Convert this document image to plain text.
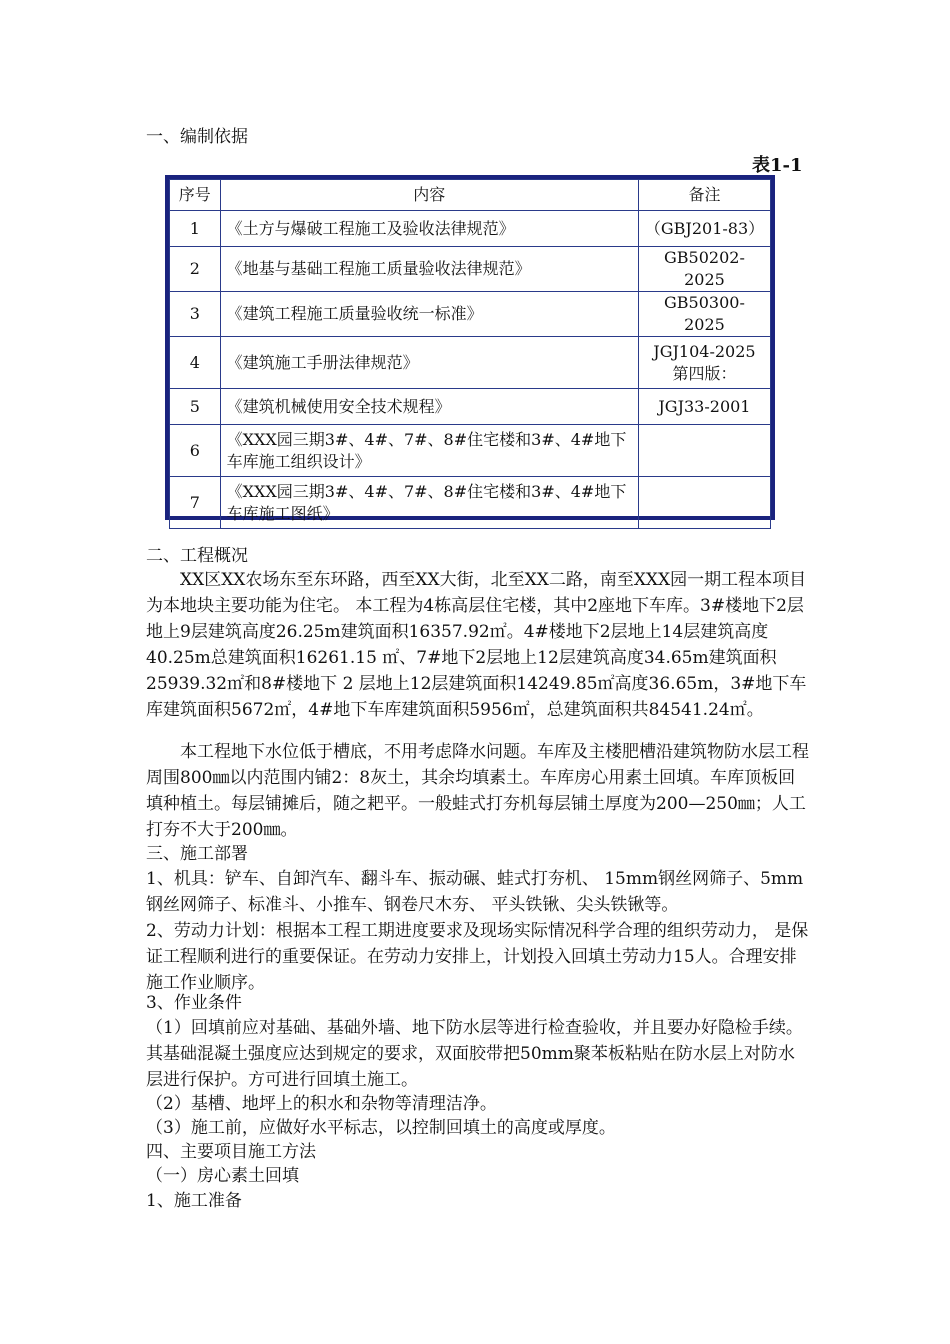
一、编制依据
表1-1
序号	内容	备注
1	《土方与爆破工程施工及验收法律规范》	（GBJ201-83）
2	《地基与基础工程施工质量验收法律规范》	GB50202-2025
3	《建筑工程施工质量验收统一标准》	GB50300-2025
4	《建筑施工手册法律规范》	JGJ104-2025 第四版：
5	《建筑机械使用安全技术规程》	JGJ33-2001
6	《XXX园三期3#、4#、7#、8#住宅楼和3#、4#地下车库施工组织设计》	
7	《XXX园三期3#、4#、7#、8#住宅楼和3#、4#地下车库施工图纸》	
二、工程概况
XX区XX农场东至东环路，西至XX大街，北至XX二路，南至XXX园一期工程本项目为本地块主要功能为住宅。 本工程为4栋高层住宅楼，其中2座地下车库。3#楼地下2层地上9层建筑高度26.25m建筑面积16357.92㎡。4#楼地下2层地上14层建筑高度40.25m总建筑面积16261.15 ㎡、7#地下2层地上12层建筑高度34.65m建筑面积25939.32㎡和8#楼地下 2 层地上12层建筑面积14249.85㎡高度36.65m，3#地下车库建筑面积5672㎡，4#地下车库建筑面积5956㎡，总建筑面积共84541.24㎡。
本工程地下水位低于槽底，不用考虑降水问题。车库及主楼肥槽沿建筑物防水层工程周围800㎜以内范围内铺2：8灰土，其余均填素土。车库房心用素土回填。车库顶板回填种植土。每层铺摊后，随之耙平。一般蛙式打夯机每层铺土厚度为200—250㎜；人工打夯不大于200㎜。
三、施工部署
1、机具：铲车、自卸汽车、翻斗车、振动碾、蛙式打夯机、 15mm钢丝网筛子、5mm钢丝网筛子、标准斗、小推车、钢卷尺木夯、 平头铁锹、尖头铁锹等。
2、劳动力计划：根据本工程工期进度要求及现场实际情况科学合理的组织劳动力， 是保证工程顺利进行的重要保证。在劳动力安排上，计划投入回填土劳动力15人。合理安排施工作业顺序。
3、作业条件
（1）回填前应对基础、基础外墙、地下防水层等进行检查验收，并且要办好隐检手续。其基础混凝土强度应达到规定的要求，双面胶带把50mm聚苯板粘贴在防水层上对防水层进行保护。方可进行回填土施工。
（2）基槽、地坪上的积水和杂物等清理洁净。
（3）施工前，应做好水平标志，以控制回填土的高度或厚度。
四、主要项目施工方法
（一）房心素土回填
1、施工准备
